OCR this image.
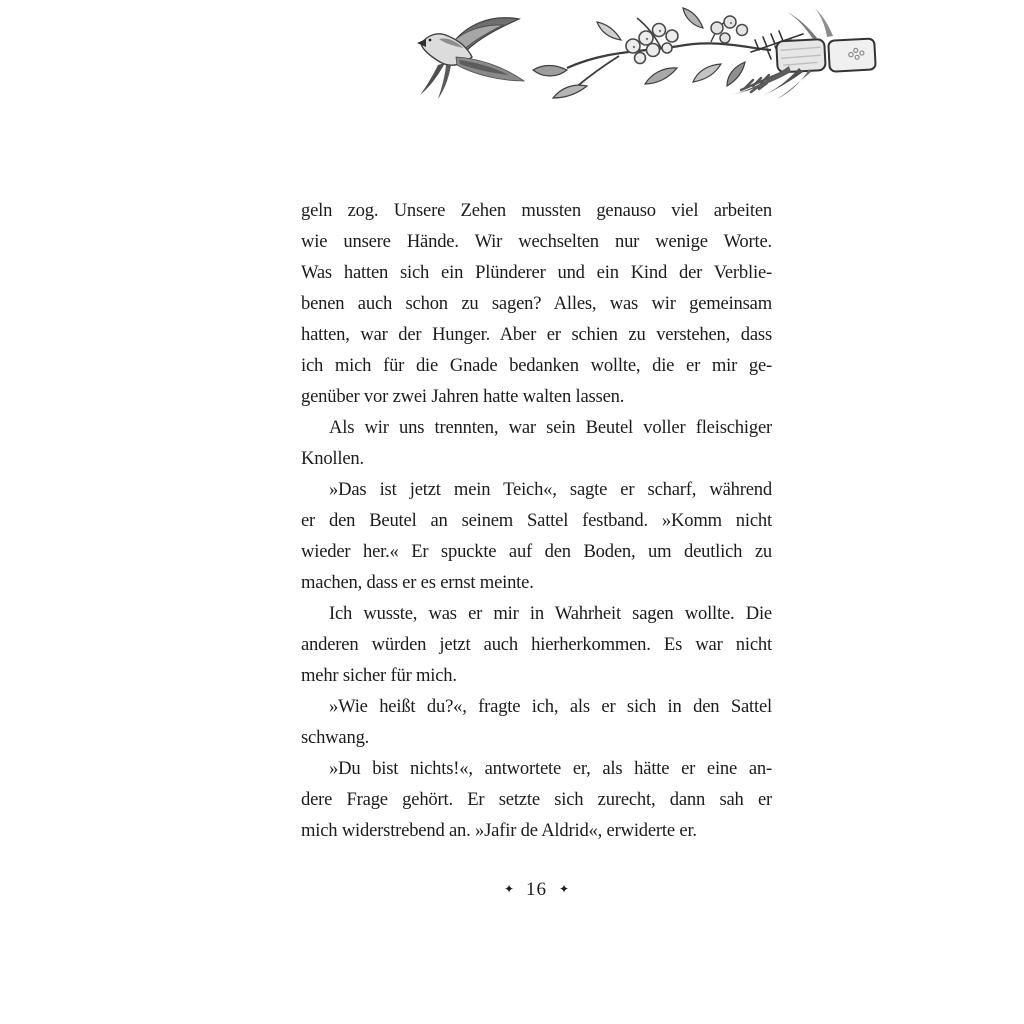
geln zog. Unsere Zehen mussten genauso viel arbeiten
wie unsere Hände. Wir wechselten nur wenige Worte.
Was hatten sich ein Plünderer und ein Kind der Verblie-
benen auch schon zu sagen? Alles, was wir gemeinsam
hatten, war der Hunger. Aber er schien zu verstehen, dass
ich mich für die Gnade bedanken wollte, die er mir ge-
genüber vor zwei Jahren hatte walten lassen.

Als wir uns trennten, war sein Beutel voller fleischiger
Knollen.

»Das ist jetzt mein Teich«, sagte er scharf, während
er den Beutel an seinem Sattel festband. »Komm nicht
wieder her.« Er spuckte auf den Boden, um deutlich zu
machen, dass er es ernst meinte.

Ich wusste, was er mir in Wahrheit sagen wollte. Die
anderen würden jetzt auch hierherkommen. Es war nicht
mehr sicher für mich.

»Wie heißt du?«, fragte ich, als er sich in den Sattel
schwang.

»Du bist nichts!«, antwortete er, als hätte er eine an-
dere Frage gehört. Er setzte sich zurecht, dann sah er
mich widerstrebend an. »Jafir de Aldrid«, erwiderte er.

✦ 16 ✦
